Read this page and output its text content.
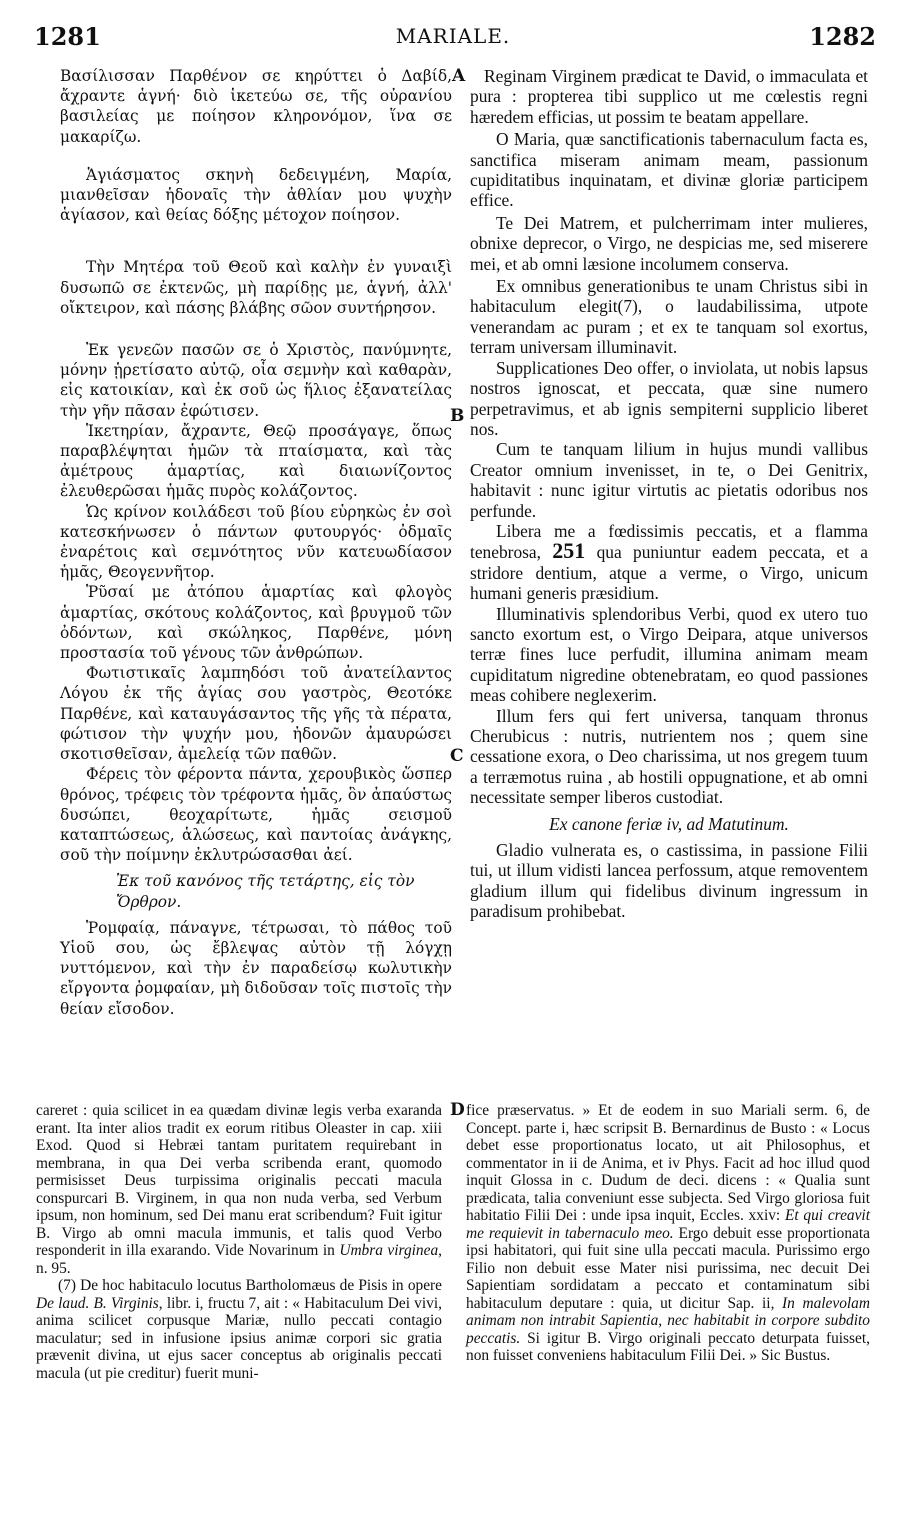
1281	MARIALE.	1282

Βασίλισσαν Παρθένον σε κηρύττει ὁ Δαβίδ, ἄχραντε ἁγνή· διὸ ἱκετεύω σε, τῆς οὐρανίου βασιλείας με ποίησον κληρονόμον, ἵνα σε μακαρίζω.

Ἁγιάσματος σκηνὴ δεδειγμένη, Μαρία, μιανθεῖσαν ἡδοναῖς τὴν ἀθλίαν μου ψυχὴν ἁγίασον, καὶ θείας δόξης μέτοχον ποίησον.

Τὴν Μητέρα τοῦ Θεοῦ καὶ καλὴν ἐν γυναιξὶ δυσωπῶ σε ἐκτενῶς, μὴ παρίδῃς με, ἁγνή, ἀλλ' οἴκτειρον, καὶ πάσης βλάβης σῶον συντήρησον.

Ἐκ γενεῶν πασῶν σε ὁ Χριστὸς, πανύμνητε, μόνην ᾑρετίσατο αὐτῷ, οἷα σεμνὴν καὶ καθαρὰν, εἰς κατοικίαν, καὶ ἐκ σοῦ ὡς ἥλιος ἐξανατείλας τὴν γῆν πᾶσαν ἐφώτισεν.

Ἱκετηρίαν, ἄχραντε, Θεῷ προσάγαγε, ὅπως παραβλέψηται ἡμῶν τὰ πταίσματα, καὶ τὰς ἀμέτρους ἁμαρτίας, καὶ διαιωνίζοντος ἐλευθερῶσαι ἡμᾶς πυρὸς κολάζοντος.

Ὡς κρίνον κοιλάδεσι τοῦ βίου εὑρηκὼς ἐν σοὶ κατεσκήνωσεν ὁ πάντων φυτουργός· ὀδμαῖς ἐναρέτοις καὶ σεμνότητος νῦν κατευωδίασον ἡμᾶς, Θεογεννῆτορ.

Ῥῦσαί με ἀτόπου ἁμαρτίας καὶ φλογὸς ἁμαρτίας, σκότους κολάζοντος, καὶ βρυγμοῦ τῶν ὀδόντων, καὶ σκώληκος, Παρθένε, μόνη προστασία τοῦ γένους τῶν ἀνθρώπων.

Φωτιστικαῖς λαμπηδόσι τοῦ ἀνατείλαντος Λόγου ἐκ τῆς ἁγίας σου γαστρὸς, Θεοτόκε Παρθένε, καὶ καταυγάσαντος τῆς γῆς τὰ πέρατα, φώτισον τὴν ψυχήν μου, ἡδονῶν ἀμαυρώσει σκοτισθεῖσαν, ἀμελείᾳ τῶν παθῶν.

Φέρεις τὸν φέροντα πάντα, χερουβικὸς ὥσπερ θρόνος, τρέφεις τὸν τρέφοντα ἡμᾶς, ὃν ἀπαύστως δυσώπει, θεοχαρίτωτε, ἡμᾶς σεισμοῦ καταπτώσεως, ἁλώσεως, καὶ παντοίας ἀνάγκης, σοῦ τὴν ποίμνην ἐκλυτρώσασθαι ἀεί.

Ἐκ τοῦ κανόνος τῆς τετάρτης, εἰς τὸν Ὄρθρον.

Ῥομφαίᾳ, πάναγνε, τέτρωσαι, τὸ πάθος τοῦ Υἱοῦ σου, ὡς ἔβλεψας αὐτὸν τῇ λόγχῃ νυττόμενον, καὶ τὴν ἐν παραδείσῳ κωλυτικὴν εἴργοντα ῥομφαίαν, μὴ διδοῦσαν τοῖς πιστοῖς τὴν θείαν εἴσοδον.

A
B
C
D

Reginam Virginem prædicat te David, o immaculata et pura : propterea tibi supplico ut me cœlestis regni hæredem efficias, ut possim te beatam appellare.

O Maria, quæ sanctificationis tabernaculum facta es, sanctifica miseram animam meam, passionum cupiditatibus inquinatam, et divinæ gloriæ participem effice.

Te Dei Matrem, et pulcherrimam inter mulieres, obnixe deprecor, o Virgo, ne despicias me, sed miserere mei, et ab omni læsione incolumem conserva.

Ex omnibus generationibus te unam Christus sibi in habitaculum elegit(7), o laudabilissima, utpote venerandam ac puram ; et ex te tanquam sol exortus, terram universam illuminavit.

Supplicationes Deo offer, o inviolata, ut nobis lapsus nostros ignoscat, et peccata, quæ sine numero perpetravimus, et ab ignis sempiterni supplicio liberet nos.

Cum te tanquam lilium in hujus mundi vallibus Creator omnium invenisset, in te, o Dei Genitrix, habitavit : nunc igitur virtutis ac pietatis odoribus nos perfunde.

Libera me a fœdissimis peccatis, et a flamma tenebrosa, 251 qua puniuntur eadem peccata, et a stridore dentium, atque a verme, o Virgo, unicum humani generis præsidium.

Illuminativis splendoribus Verbi, quod ex utero tuo sancto exortum est, o Virgo Deipara, atque universos terræ fines luce perfudit, illumina animam meam cupiditatum nigredine obtenebratam, eo quod passiones meas cohibere neglexerim.

Illum fers qui fert universa, tanquam thronus Cherubicus : nutris, nutrientem nos ; quem sine cessatione exora, o Deo charissima, ut nos gregem tuum a terræmotus ruina , ab hostili oppugnatione, et ab omni necessitate semper liberos custodiat.

Ex canone feriæ iv, ad Matutinum.

Gladio vulnerata es, o castissima, in passione Filii tui, ut illum vidisti lancea perfossum, atque removentem gladium illum qui fidelibus divinum ingressum in paradisum prohibebat.

careret : quia scilicet in ea quædam divinæ legis verba exaranda erant. Ita inter alios tradit ex eorum ritibus Oleaster in cap. xiii Exod. Quod si Hebræi tantam puritatem requirebant in membrana, in qua Dei verba scribenda erant, quomodo permisisset Deus turpissima originalis peccati macula conspurcari B. Virginem, in qua non nuda verba, sed Verbum ipsum, non hominum, sed Dei manu erat scribendum? Fuit igitur B. Virgo ab omni macula immunis, et talis quod Verbo responderit in illa exarando. Vide Novarinum in Umbra virginea, n. 95.

(7) De hoc habitaculo locutus Bartholomæus de Pisis in opere De laud. B. Virginis, libr. i, fructu 7, ait : « Habitaculum Dei vivi, anima scilicet corpusque Mariæ, nullo peccati contagio maculatur; sed in infusione ipsius animæ corpori sic gratia prævenit divina, ut ejus sacer conceptus ab originalis peccati macula (ut pie creditur) fuerit muni-

fice præservatus. » Et de eodem in suo Mariali serm. 6, de Concept. parte i, hæc scripsit B. Bernardinus de Busto : « Locus debet esse proportionatus locato, ut ait Philosophus, et commentator in ii de Anima, et iv Phys. Facit ad hoc illud quod inquit Glossa in c. Dudum de deci. dicens : « Qualia sunt prædicata, talia conveniunt esse subjecta. Sed Virgo gloriosa fuit habitatio Filii Dei : unde ipsa inquit, Eccles. xxiv: Et qui creavit me requievit in tabernaculo meo. Ergo debuit esse proportionata ipsi habitatori, qui fuit sine ulla peccati macula. Purissimo ergo Filio non debuit esse Mater nisi purissima, nec decuit Dei Sapientiam sordidatam a peccato et contaminatum sibi habitaculum deputare : quia, ut dicitur Sap. ii, In malevolam animam non intrabit Sapientia, nec habitabit in corpore subdito peccatis. Si igitur B. Virgo originali peccato deturpata fuisset, non fuisset conveniens habitaculum Filii Dei. » Sic Bustus.
